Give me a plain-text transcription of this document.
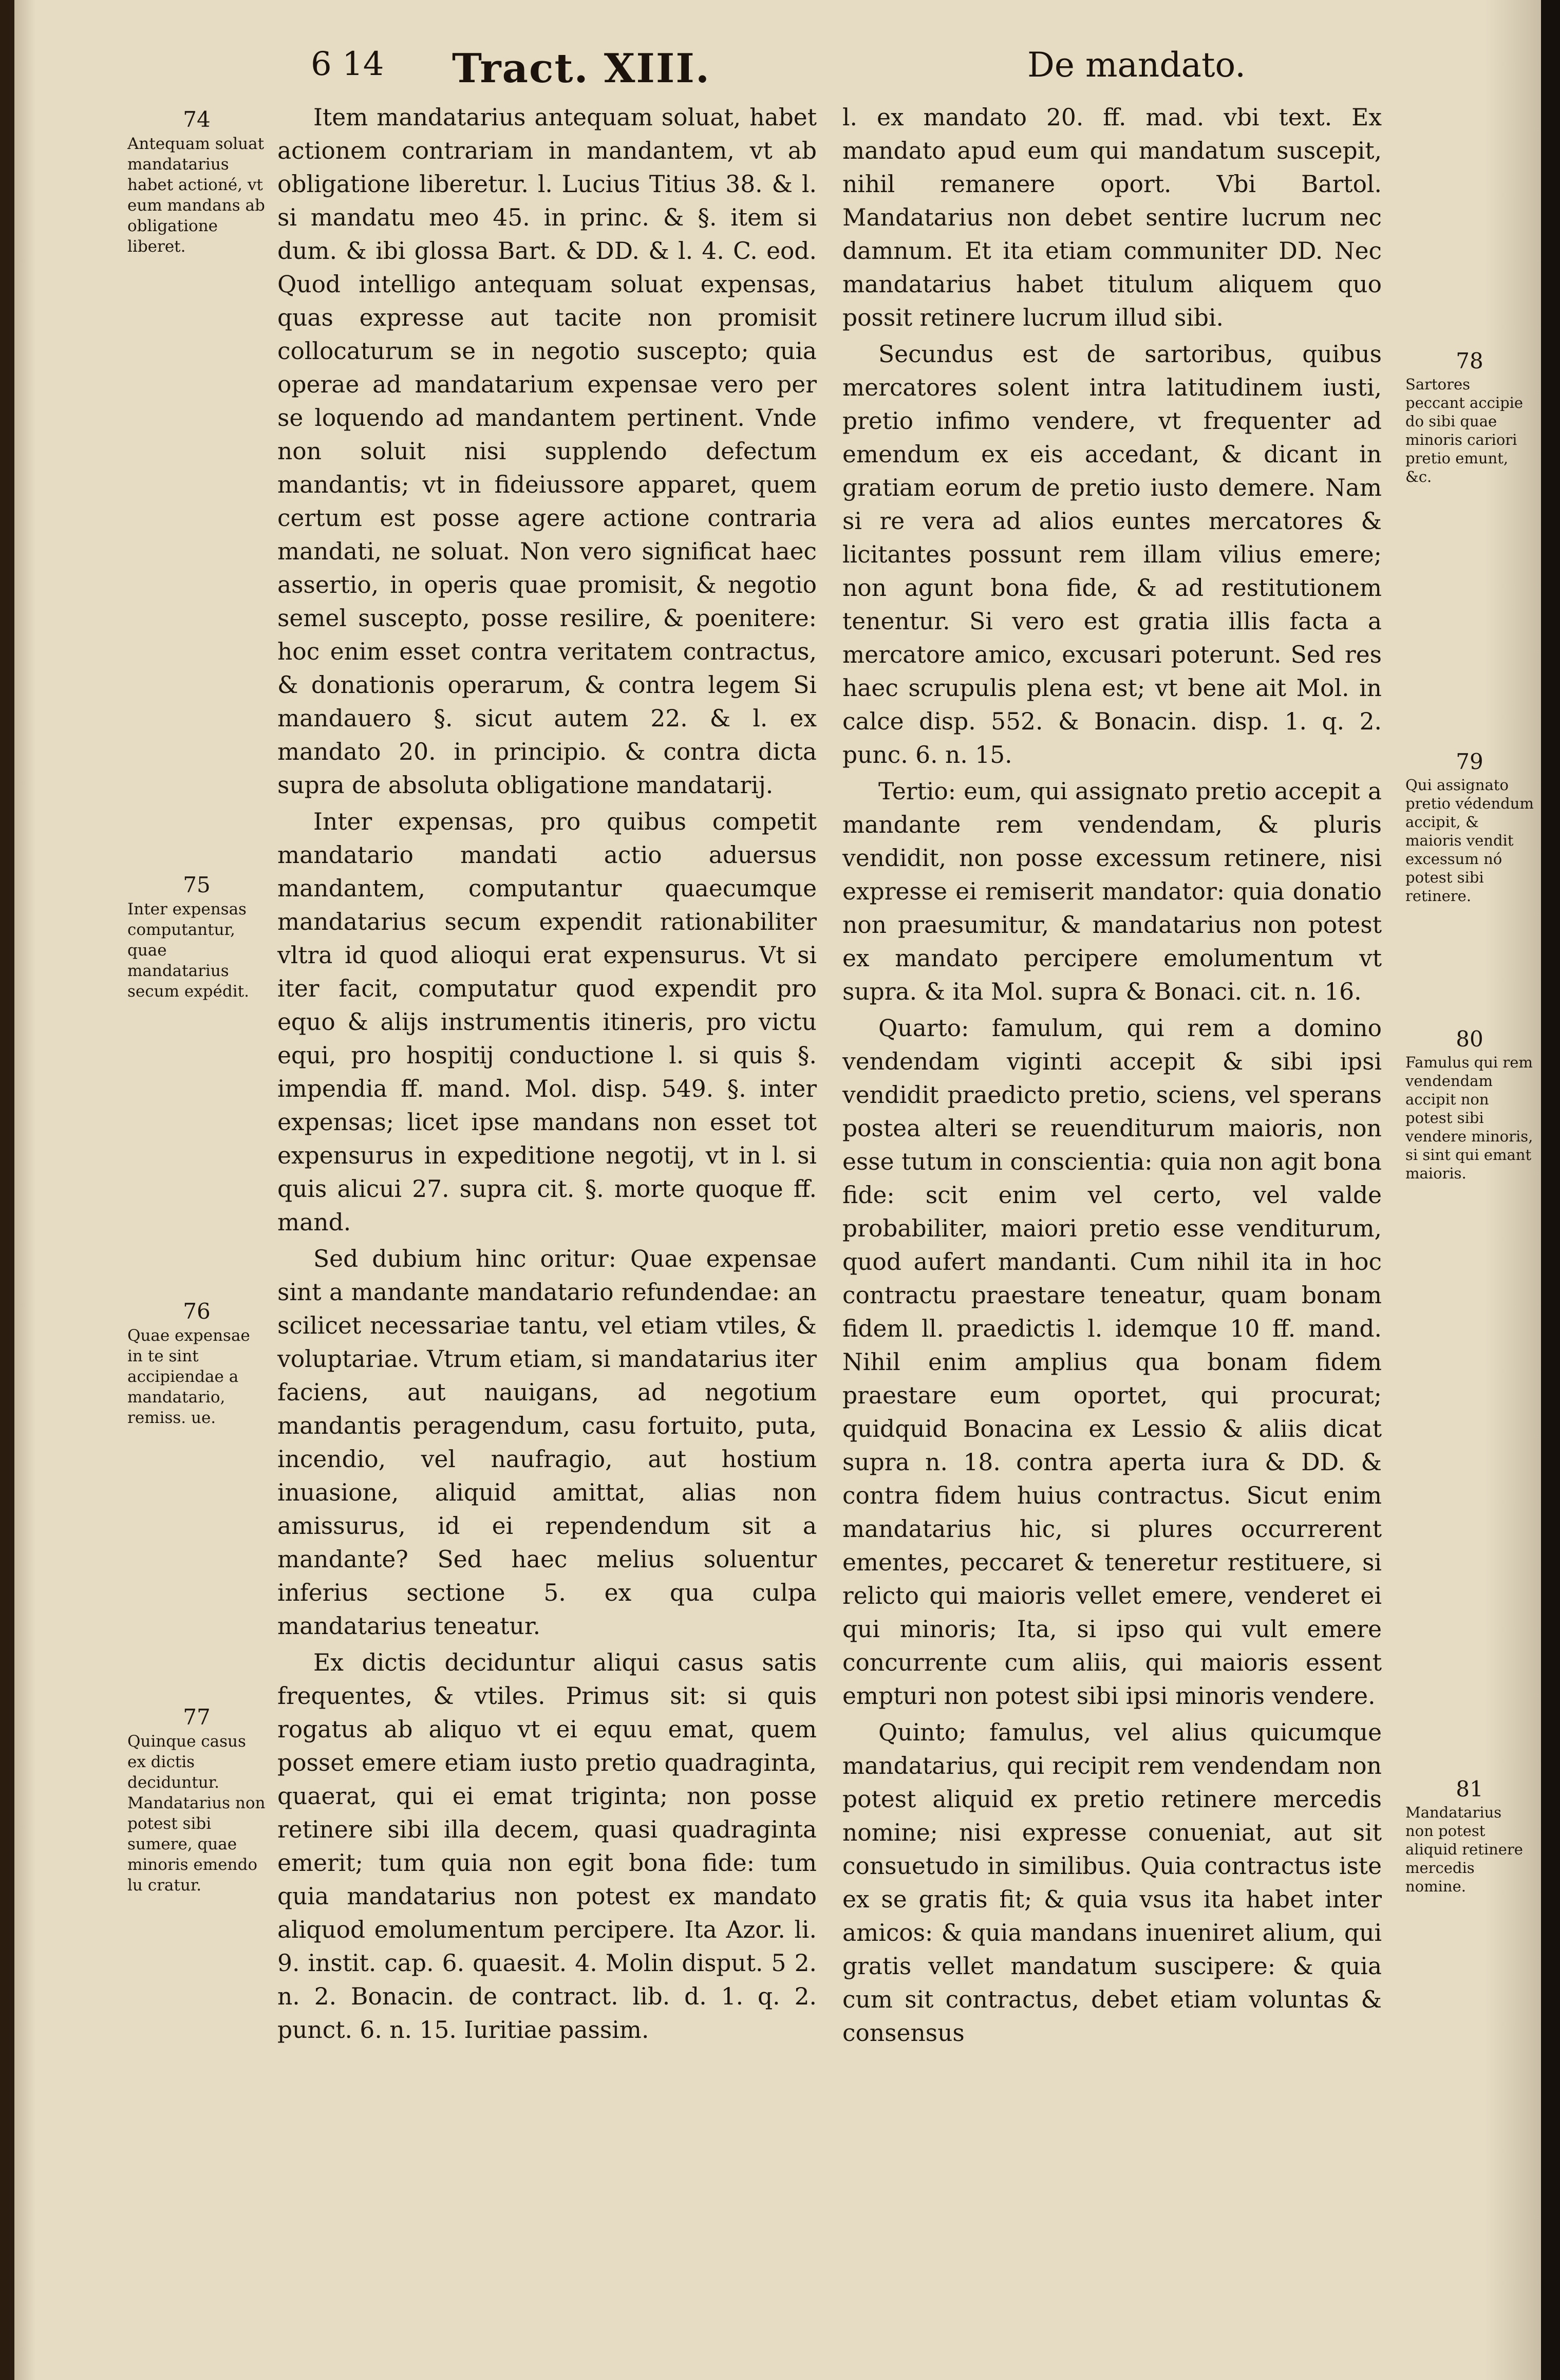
6 14 Tract. XIII.	De mandato.

Item mandatarius antequam soluat, habet actionem contrariam in mandantem, vt ab obligatione liberetur. l. Lucius Titius 38. & l. si mandatu meo 45. in princ. & §. item si dum. & ibi glossa Bart. & DD. & l. 4. C. eod. Quod intelligo antequam soluat expensas, quas expresse aut tacite non promisit collocaturum se in negotio suscepto; quia operae ad mandatarium expensae vero per se loquendo ad mandantem pertinent. Vnde non soluit nisi supplendo defectum mandantis; vt in fideiussore apparet, quem certum est posse agere actione contraria mandati, ne soluat. Non vero significat haec assertio, in operis quae promisit, & negotio semel suscepto, posse resilire, & poenitere: hoc enim esset contra veritatem contractus, & donationis operarum, & contra legem Si mandauero §. sicut autem 22. & l. ex mandato 20. in principio. & contra dicta supra de absoluta obligatione mandatarij.

Inter expensas, pro quibus competit mandatario mandati actio aduersus mandantem, computantur quaecumque mandatarius secum expendit rationabiliter vltra id quod alioqui erat expensurus. Vt si iter facit, computatur quod expendit pro equo & alijs instrumentis itineris, pro victu equi, pro hospitij conductione l. si quis §. impendia ff. mand. Mol. disp. 549. §. inter expensas; licet ipse mandans non esset tot expensurus in expeditione negotij, vt in l. si quis alicui 27. supra cit. §. morte quoque ff. mand.

Sed dubium hinc oritur: Quae expensae sint a mandante mandatario refundendae: an scilicet necessariae tantu, vel etiam vtiles, & voluptariae. Vtrum etiam, si mandatarius iter faciens, aut nauigans, ad negotium mandantis peragendum, casu fortuito, puta, incendio, vel naufragio, aut hostium inuasione, aliquid amittat, alias non amissurus, id ei rependendum sit a mandante? Sed haec melius soluentur inferius sectione 5. ex qua culpa mandatarius teneatur.

Ex dictis deciduntur aliqui casus satis frequentes, & vtiles. Primus sit: si quis rogatus ab aliquo vt ei equu emat, quem posset emere etiam iusto pretio quadraginta, quaerat, qui ei emat triginta; non posse retinere sibi illa decem, quasi quadraginta emerit; tum quia non egit bona fide: tum quia mandatarius non potest ex mandato aliquod emolumentum percipere. Ita Azor. li. 9. instit. cap. 6. quaesit. 4. Molin disput. 5 2. n. 2. Bonacin. de contract. lib. d. 1. q. 2. punct. 6. n. 15. Iuritiae passim.

l. ex mandato 20. ff. mad. vbi text. Ex mandato apud eum qui mandatum suscepit, nihil remanere oport. Vbi Bartol. Mandatarius non debet sentire lucrum nec damnum. Et ita etiam communiter DD. Nec mandatarius habet titulum aliquem quo possit retinere lucrum illud sibi.

Secundus est de sartoribus, quibus mercatores solent intra latitudinem iusti, pretio infimo vendere, vt frequenter ad emendum ex eis accedant, & dicant in gratiam eorum de pretio iusto demere. Nam si re vera ad alios euntes mercatores & licitantes possunt rem illam vilius emere; non agunt bona fide, & ad restitutionem tenentur. Si vero est gratia illis facta a mercatore amico, excusari poterunt. Sed res haec scrupulis plena est; vt bene ait Mol. in calce disp. 552. & Bonacin. disp. 1. q. 2. punc. 6. n. 15.

Tertio: eum, qui assignato pretio accepit a mandante rem vendendam, & pluris vendidit, non posse excessum retinere, nisi expresse ei remiserit mandator: quia donatio non praesumitur, & mandatarius non potest ex mandato percipere emolumentum vt supra. & ita Mol. supra & Bonaci. cit. n. 16.

Quarto: famulum, qui rem a domino vendendam viginti accepit & sibi ipsi vendidit praedicto pretio, sciens, vel sperans postea alteri se reuenditurum maioris, non esse tutum in conscientia: quia non agit bona fide: scit enim vel certo, vel valde probabiliter, maiori pretio esse venditurum, quod aufert mandanti. Cum nihil ita in hoc contractu praestare teneatur, quam bonam fidem ll. praedictis l. idemque 10 ff. mand. Nihil enim amplius qua bonam fidem praestare eum oportet, qui procurat; quidquid Bonacina ex Lessio & aliis dicat supra n. 18. contra aperta iura & DD. & contra fidem huius contractus. Sicut enim mandatarius hic, si plures occurrerent ementes, peccaret & teneretur restituere, si relicto qui maioris vellet emere, venderet ei qui minoris; Ita, si ipso qui vult emere concurrente cum aliis, qui maioris essent empturi non potest sibi ipsi minoris vendere.

Quinto; famulus, vel alius quicumque mandatarius, qui recipit rem vendendam non potest aliquid ex pretio retinere mercedis nomine; nisi expresse conueniat, aut sit consuetudo in similibus. Quia contractus iste ex se gratis fit; & quia vsus ita habet inter amicos: & quia mandans inueniret alium, qui gratis vellet mandatum suscipere: & quia cum sit contractus, debet etiam voluntas & consensus

74
Antequam soluat mandatarius habet actioné, vt eum mandans ab obligatione liberet.
75
Inter expensas computantur, quae mandatarius secum expédit.
76
Quae expensae in te sint accipiendae a mandatario, remiss. ue.
77
Quinque casus ex dictis deciduntur. Mandatarius non potest sibi sumere, quae minoris emendo lu cratur.
78
Sartores peccant accipie do sibi quae minoris cariori pretio emunt, &c.
79
Qui assignato pretio védendum accipit, & maioris vendit excessum nó potest sibi retinere.
80
Famulus qui rem vendendam accipit non potest sibi vendere minoris, si sint qui emant maioris.
81
Mandatarius non potest aliquid retinere mercedis nomine.
